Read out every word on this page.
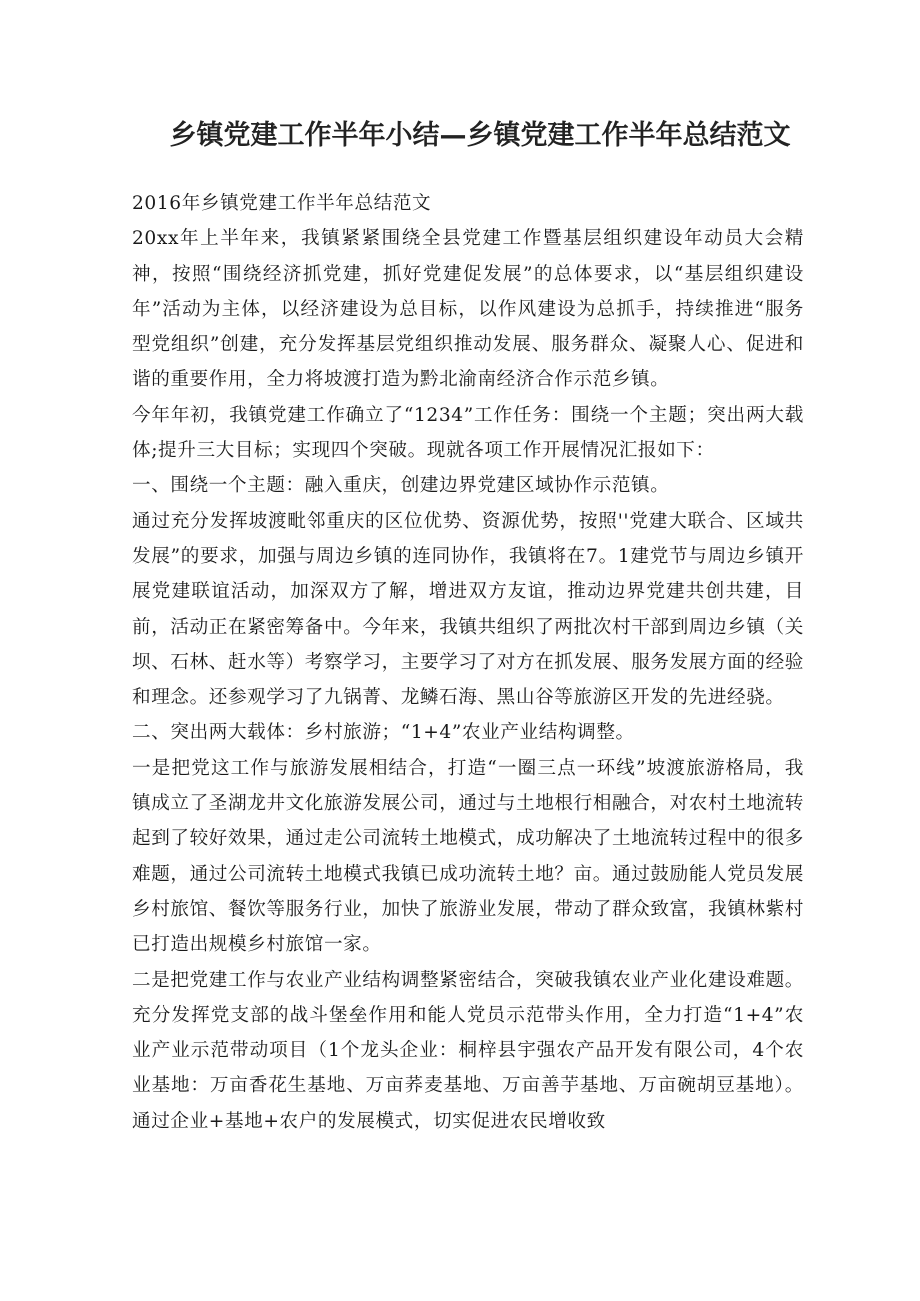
乡镇党建工作半年小结—乡镇党建工作半年总结范文

2016年乡镇党建工作半年总结范文

20xx年上半年来，我镇紧紧围绕全县党建工作暨基层组织建设年动员大会精神，按照“围绕经济抓党建，抓好党建促发展”的总体要求，以“基层组织建设年”活动为主体，以经济建设为总目标，以作风建设为总抓手，持续推进“服务型党组织”创建，充分发挥基层党组织推动发展、服务群众、凝聚人心、促进和谐的重要作用，全力将坡渡打造为黔北渝南经济合作示范乡镇。

今年年初，我镇党建工作确立了“1234”工作任务：围绕一个主题；突出两大载体;提升三大目标；实现四个突破。现就各项工作开展情况汇报如下：

一、围绕一个主题：融入重庆，创建边界党建区域协作示范镇。

通过充分发挥坡渡毗邻重庆的区位优势、资源优势，按照''党建大联合、区域共发展”的要求，加强与周边乡镇的连同协作，我镇将在7。1建党节与周边乡镇开展党建联谊活动，加深双方了解，增进双方友谊，推动边界党建共创共建，目前，活动正在紧密筹备中。今年来，我镇共组织了两批次村干部到周边乡镇（关坝、石林、赶水等）考察学习，主要学习了对方在抓发展、服务发展方面的经验和理念。还参观学习了九锅菁、龙鳞石海、黑山谷等旅游区开发的先进经骁。

二、突出两大载体：乡村旅游；“1+4”农业产业结构调整。

一是把党这工作与旅游发展相结合，打造“一圈三点一环线”坡渡旅游格局，我镇成立了圣湖龙井文化旅游发展公司，通过与土地根行相融合，对农村土地流转起到了较好效果，通过走公司流转土地模式，成功解决了土地流转过程中的很多难题，通过公司流转土地模式我镇已成功流转土地？亩。通过鼓励能人党员发展乡村旅馆、餐饮等服务行业，加快了旅游业发展，带动了群众致富，我镇林紫村已打造出规模乡村旅馆一家。

二是把党建工作与农业产业结构调整紧密结合，突破我镇农业产业化建设难题。充分发挥党支部的战斗堡垒作用和能人党员示范带头作用，全力打造“1+4”农业产业示范带动项目（1个龙头企业：桐梓县宇强农产品开发有限公司，4个农业基地：万亩香花生基地、万亩荞麦基地、万亩善芋基地、万亩碗胡豆基地）。通过企业+基地+农户的发展模式，切实促进农民增收致
